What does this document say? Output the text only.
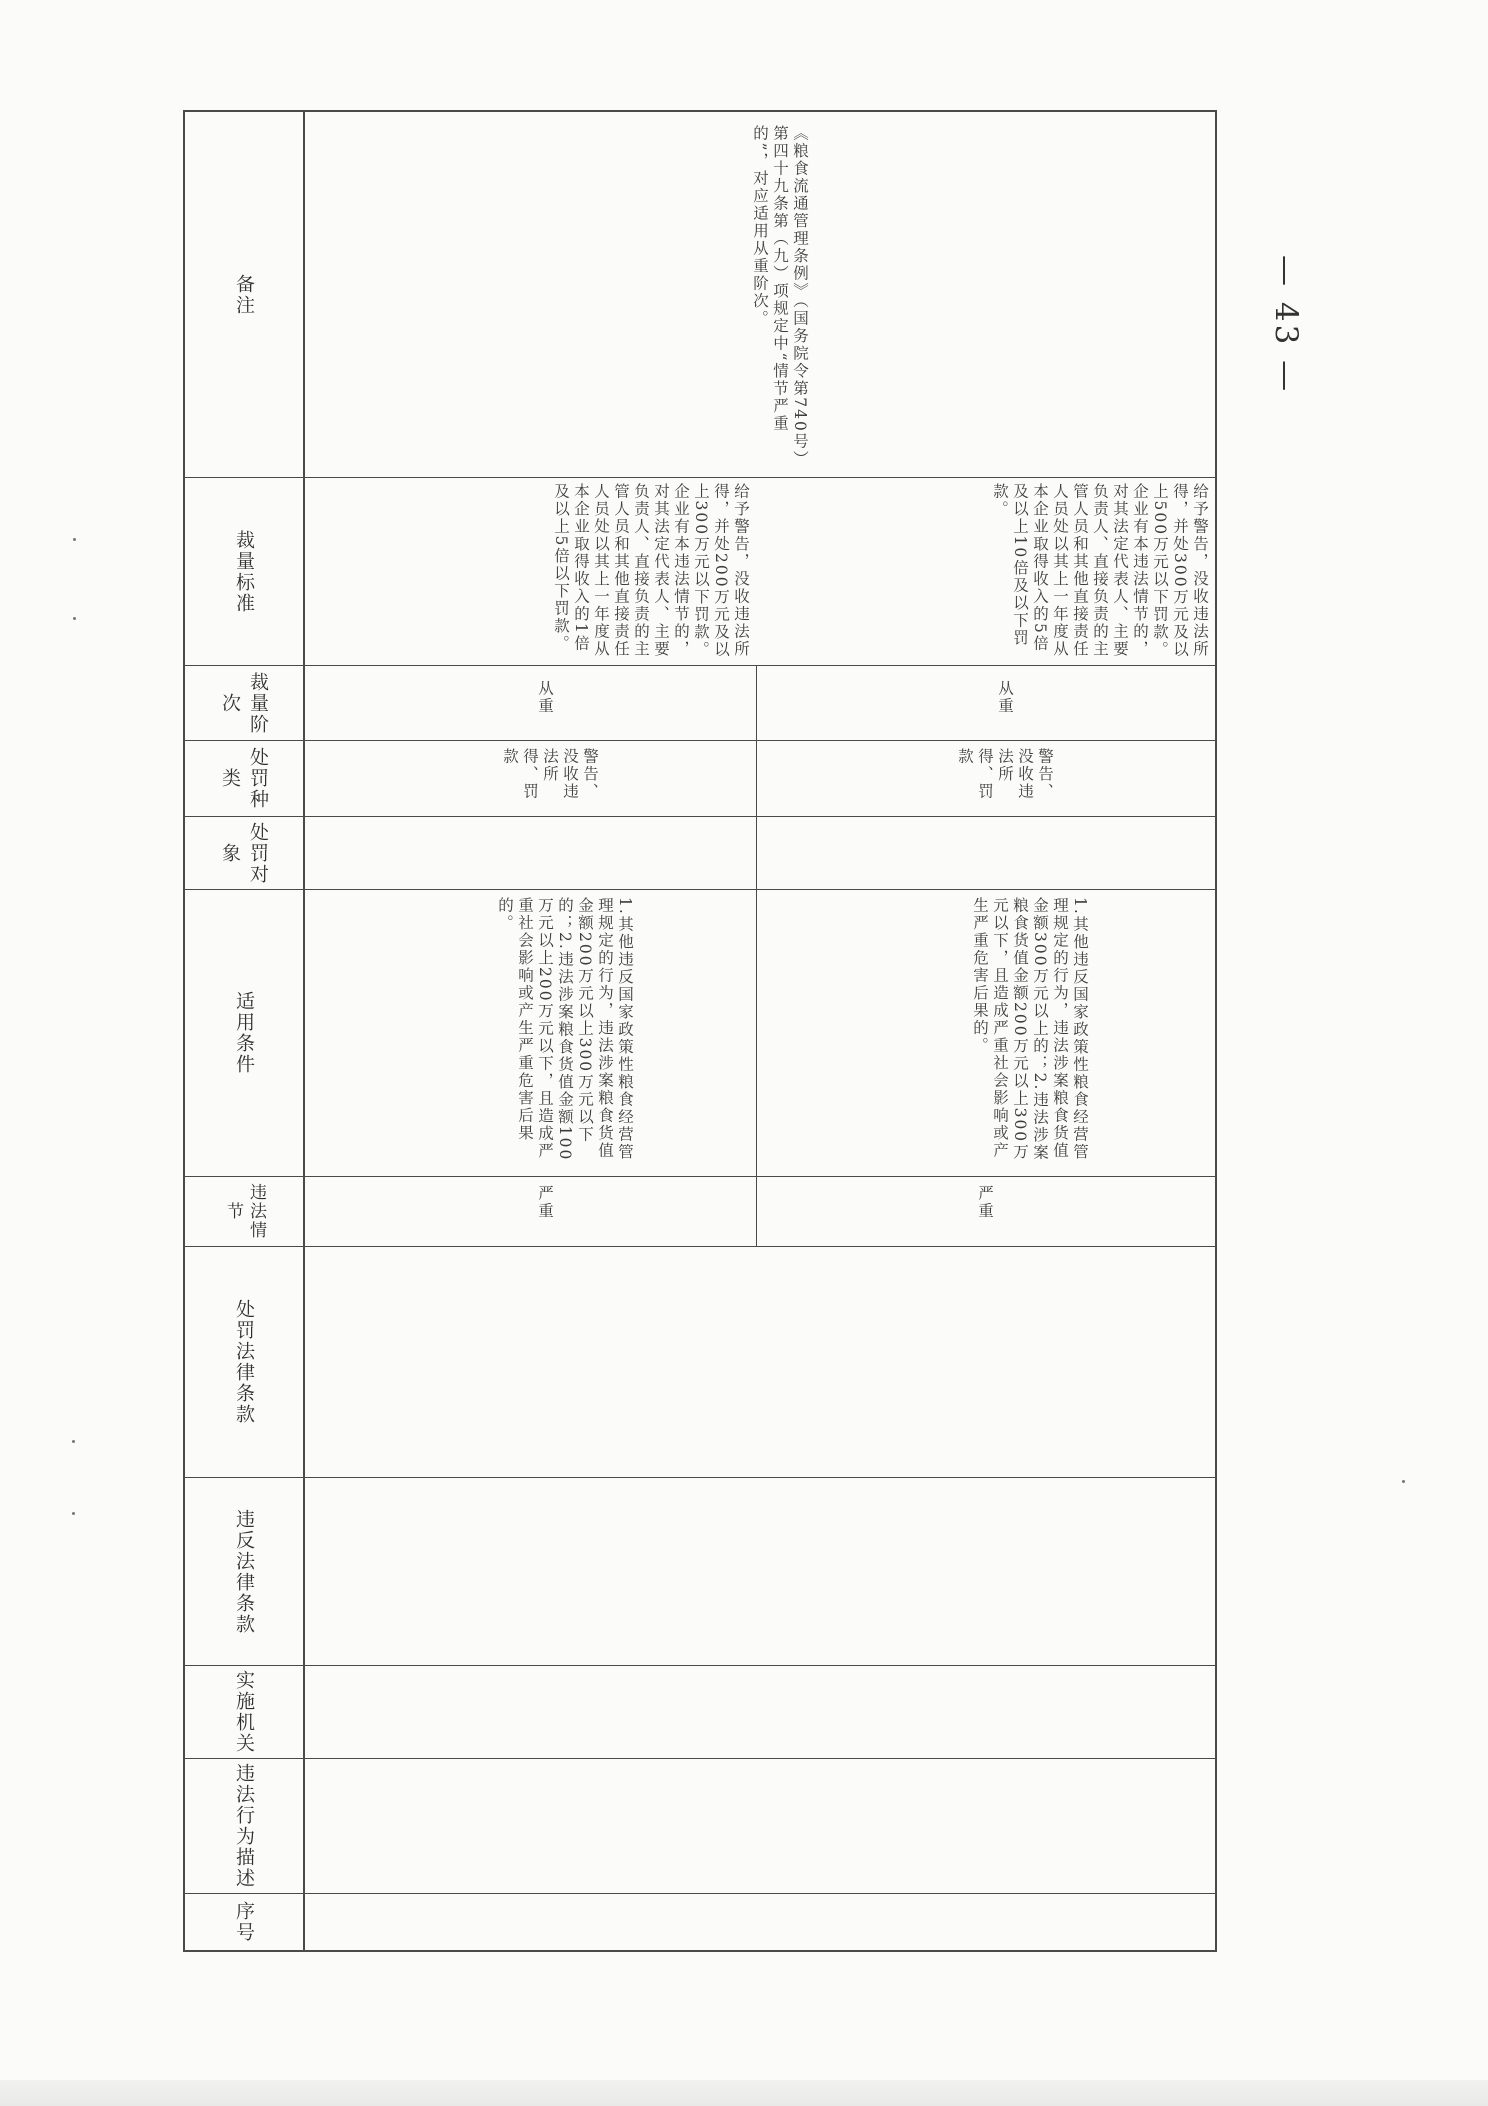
序号
违法行为描述
实施机关
违反法律条款
处罚法律条款
违法情节
适用条件
处罚对象
处罚种类
裁量阶次
裁量标准
备注
严重
1.其他违反国家政策性粮食经营管理规定的行为，违法涉案粮食货值金额200万元以上300万元以下的；2.违法涉案粮食货值金额100万元以上200万元以下，且造成严重社会影响或产生严重危害后果的。
警告、没收违法所得、罚款
从重
给予警告，没收违法所得，并处200万元及以上300万元以下罚款。企业有本违法情节的，对其法定代表人、主要负责人、直接负责的主管人员和其他直接责任人员处以其上一年度从本企业取得收入的1倍及以上5倍以下罚款。
《粮食流通管理条例》（国务院令第740号）第四十九条第（九）项规定中“情节严重的”，对应适用从重阶次。
严重
1.其他违反国家政策性粮食经营管理规定的行为，违法涉案粮食货值金额300万元以上的；2.违法涉案粮食货值金额200万元以上300万元以下，且造成严重社会影响或产生严重危害后果的。
警告、没收违法所得、罚款
从重
给予警告，没收违法所得，并处300万元及以上500万元以下罚款。企业有本违法情节的，对其法定代表人、主要负责人、直接负责的主管人员和其他直接责任人员处以其上一年度从本企业取得收入的5倍及以上10倍及以下罚款。
— 43 —
